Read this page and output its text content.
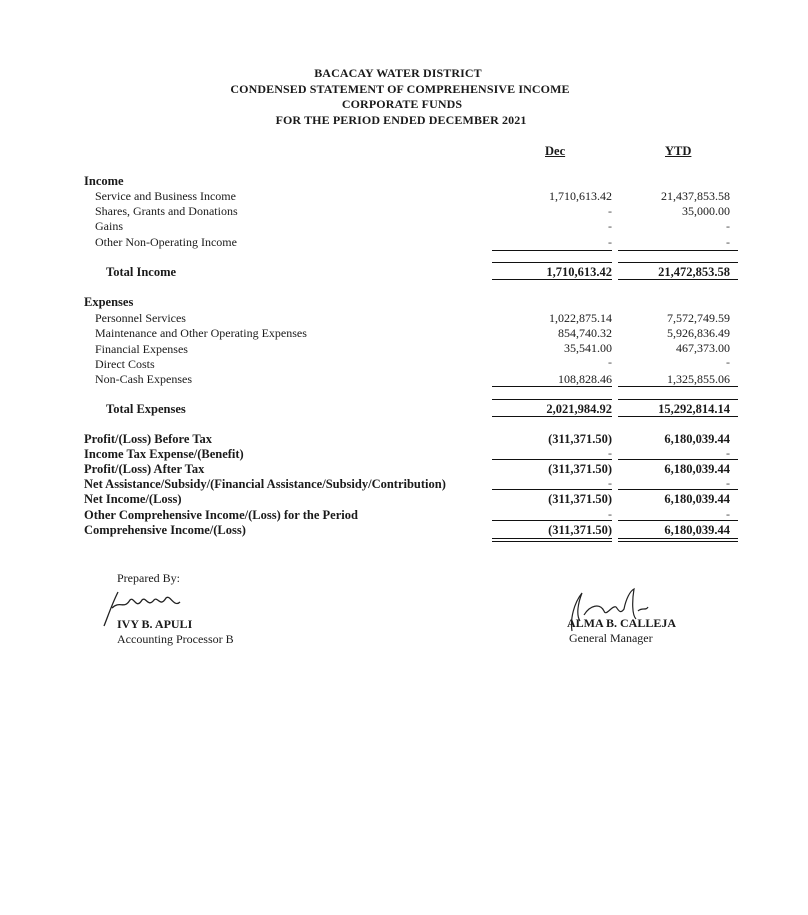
BACACAY WATER DISTRICT
CONDENSED STATEMENT OF COMPREHENSIVE INCOME
CORPORATE FUNDS
FOR THE PERIOD ENDED DECEMBER 2021
Dec	YTD
Income
Service and Business Income	1,710,613.42	21,437,853.58
Shares, Grants and Donations	-	35,000.00
Gains	-	-
Other Non-Operating Income	-	-
Total Income	1,710,613.42	21,472,853.58
Expenses
Personnel Services	1,022,875.14	7,572,749.59
Maintenance and Other Operating Expenses	854,740.32	5,926,836.49
Financial Expenses	35,541.00	467,373.00
Direct Costs	-	-
Non-Cash Expenses	108,828.46	1,325,855.06
Total Expenses	2,021,984.92	15,292,814.14
Profit/(Loss) Before Tax	(311,371.50)	6,180,039.44
Income Tax Expense/(Benefit)	-	-
Profit/(Loss) After Tax	(311,371.50)	6,180,039.44
Net Assistance/Subsidy/(Financial Assistance/Subsidy/Contribution)	-	-
Net Income/(Loss)	(311,371.50)	6,180,039.44
Other Comprehensive Income/(Loss) for the Period	-	-
Comprehensive Income/(Loss)	(311,371.50)	6,180,039.44
Prepared By:
IVY B. APULI
Accounting Processor B
ALMA B. CALLEJA
General Manager
